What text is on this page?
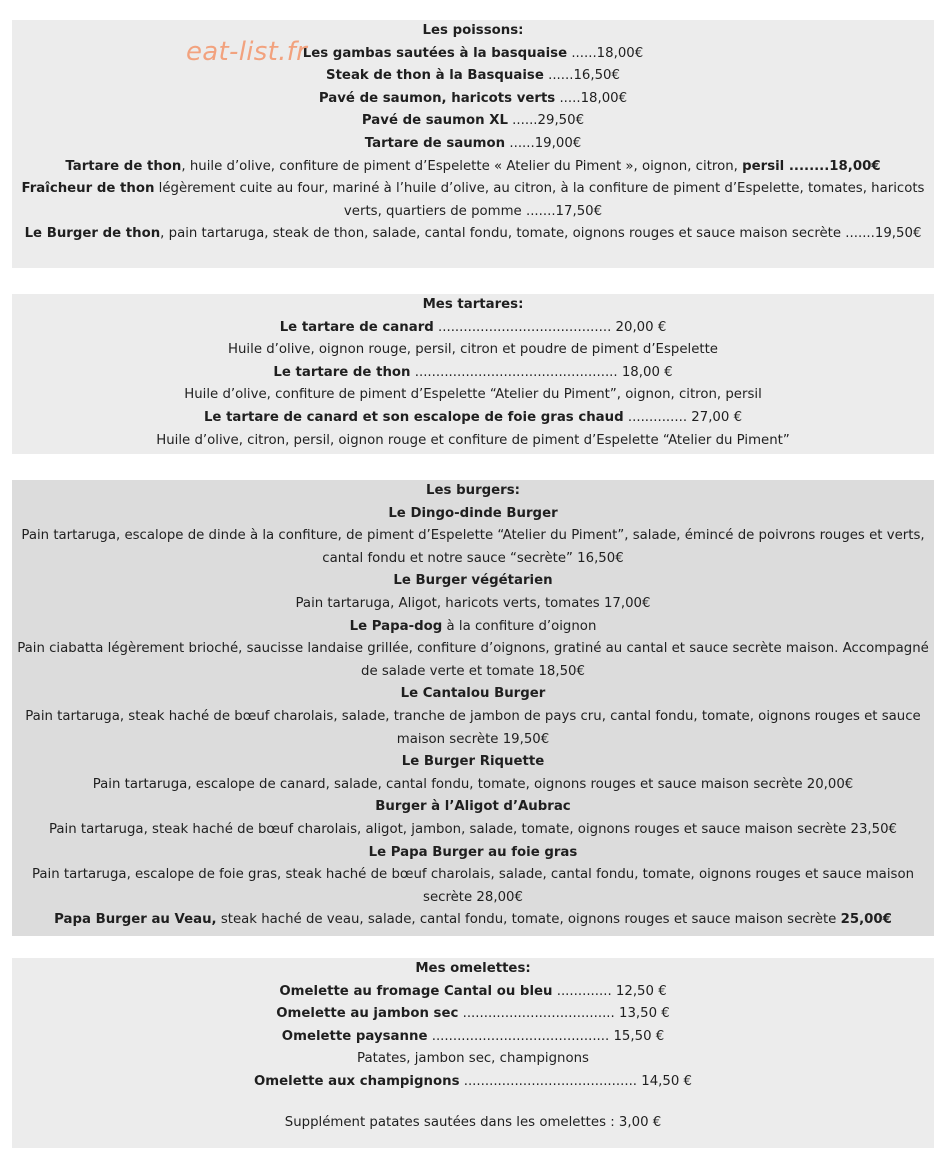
Les poissons:
Les gambas sautées à la basquaise ......18,00€
Steak de thon à la Basquaise ......16,50€
Pavé de saumon, haricots verts .....18,00€
Pavé de saumon XL ......29,50€
Tartare de saumon ......19,00€
Tartare de thon, huile d’olive, confiture de piment d’Espelette « Atelier du Piment », oignon, citron, persil ........18,00€
Fraîcheur de thon légèrement cuite au four, mariné à l’huile d’olive, au citron, à la confiture de piment d’Espelette, tomates, haricots verts, quartiers de pomme .......17,50€
Le Burger de thon, pain tartaruga, steak de thon, salade, cantal fondu, tomate, oignons rouges et sauce maison secrète .......19,50€
eat-list.fr
Mes tartares:
Le tartare de canard ......................................... 20,00 €
Huile d’olive, oignon rouge, persil, citron et poudre de piment d’Espelette
Le tartare de thon ................................................ 18,00 €
Huile d’olive, confiture de piment d’Espelette “Atelier du Piment”, oignon, citron, persil
Le tartare de canard et son escalope de foie gras chaud .............. 27,00 €
Huile d’olive, citron, persil, oignon rouge et confiture de piment d’Espelette “Atelier du Piment”
Les burgers:
Le Dingo-dinde Burger
Pain tartaruga, escalope de dinde à la confiture, de piment d’Espelette “Atelier du Piment”, salade, émincé de poivrons rouges et verts, cantal fondu et notre sauce “secrète” 16,50€
Le Burger végétarien
Pain tartaruga, Aligot, haricots verts, tomates 17,00€
Le Papa-dog à la confiture d’oignon
Pain ciabatta légèrement brioché, saucisse landaise grillée, confiture d’oignons, gratiné au cantal et sauce secrète maison. Accompagné de salade verte et tomate 18,50€
Le Cantalou Burger
Pain tartaruga, steak haché de bœuf charolais, salade, tranche de jambon de pays cru, cantal fondu, tomate, oignons rouges et sauce maison secrète 19,50€
Le Burger Riquette
Pain tartaruga, escalope de canard, salade, cantal fondu, tomate, oignons rouges et sauce maison secrète 20,00€
Burger à l’Aligot d’Aubrac
Pain tartaruga, steak haché de bœuf charolais, aligot, jambon, salade, tomate, oignons rouges et sauce maison secrète 23,50€
Le Papa Burger au foie gras
Pain tartaruga, escalope de foie gras, steak haché de bœuf charolais, salade, cantal fondu, tomate, oignons rouges et sauce maison secrète 28,00€
Papa Burger au Veau, steak haché de veau, salade, cantal fondu, tomate, oignons rouges et sauce maison secrète 25,00€
Mes omelettes:
Omelette au fromage Cantal ou bleu ............. 12,50 €
Omelette au jambon sec .................................... 13,50 €
Omelette paysanne .......................................... 15,50 €
Patates, jambon sec, champignons
Omelette aux champignons ......................................... 14,50 €
Supplément patates sautées dans les omelettes : 3,00 €
